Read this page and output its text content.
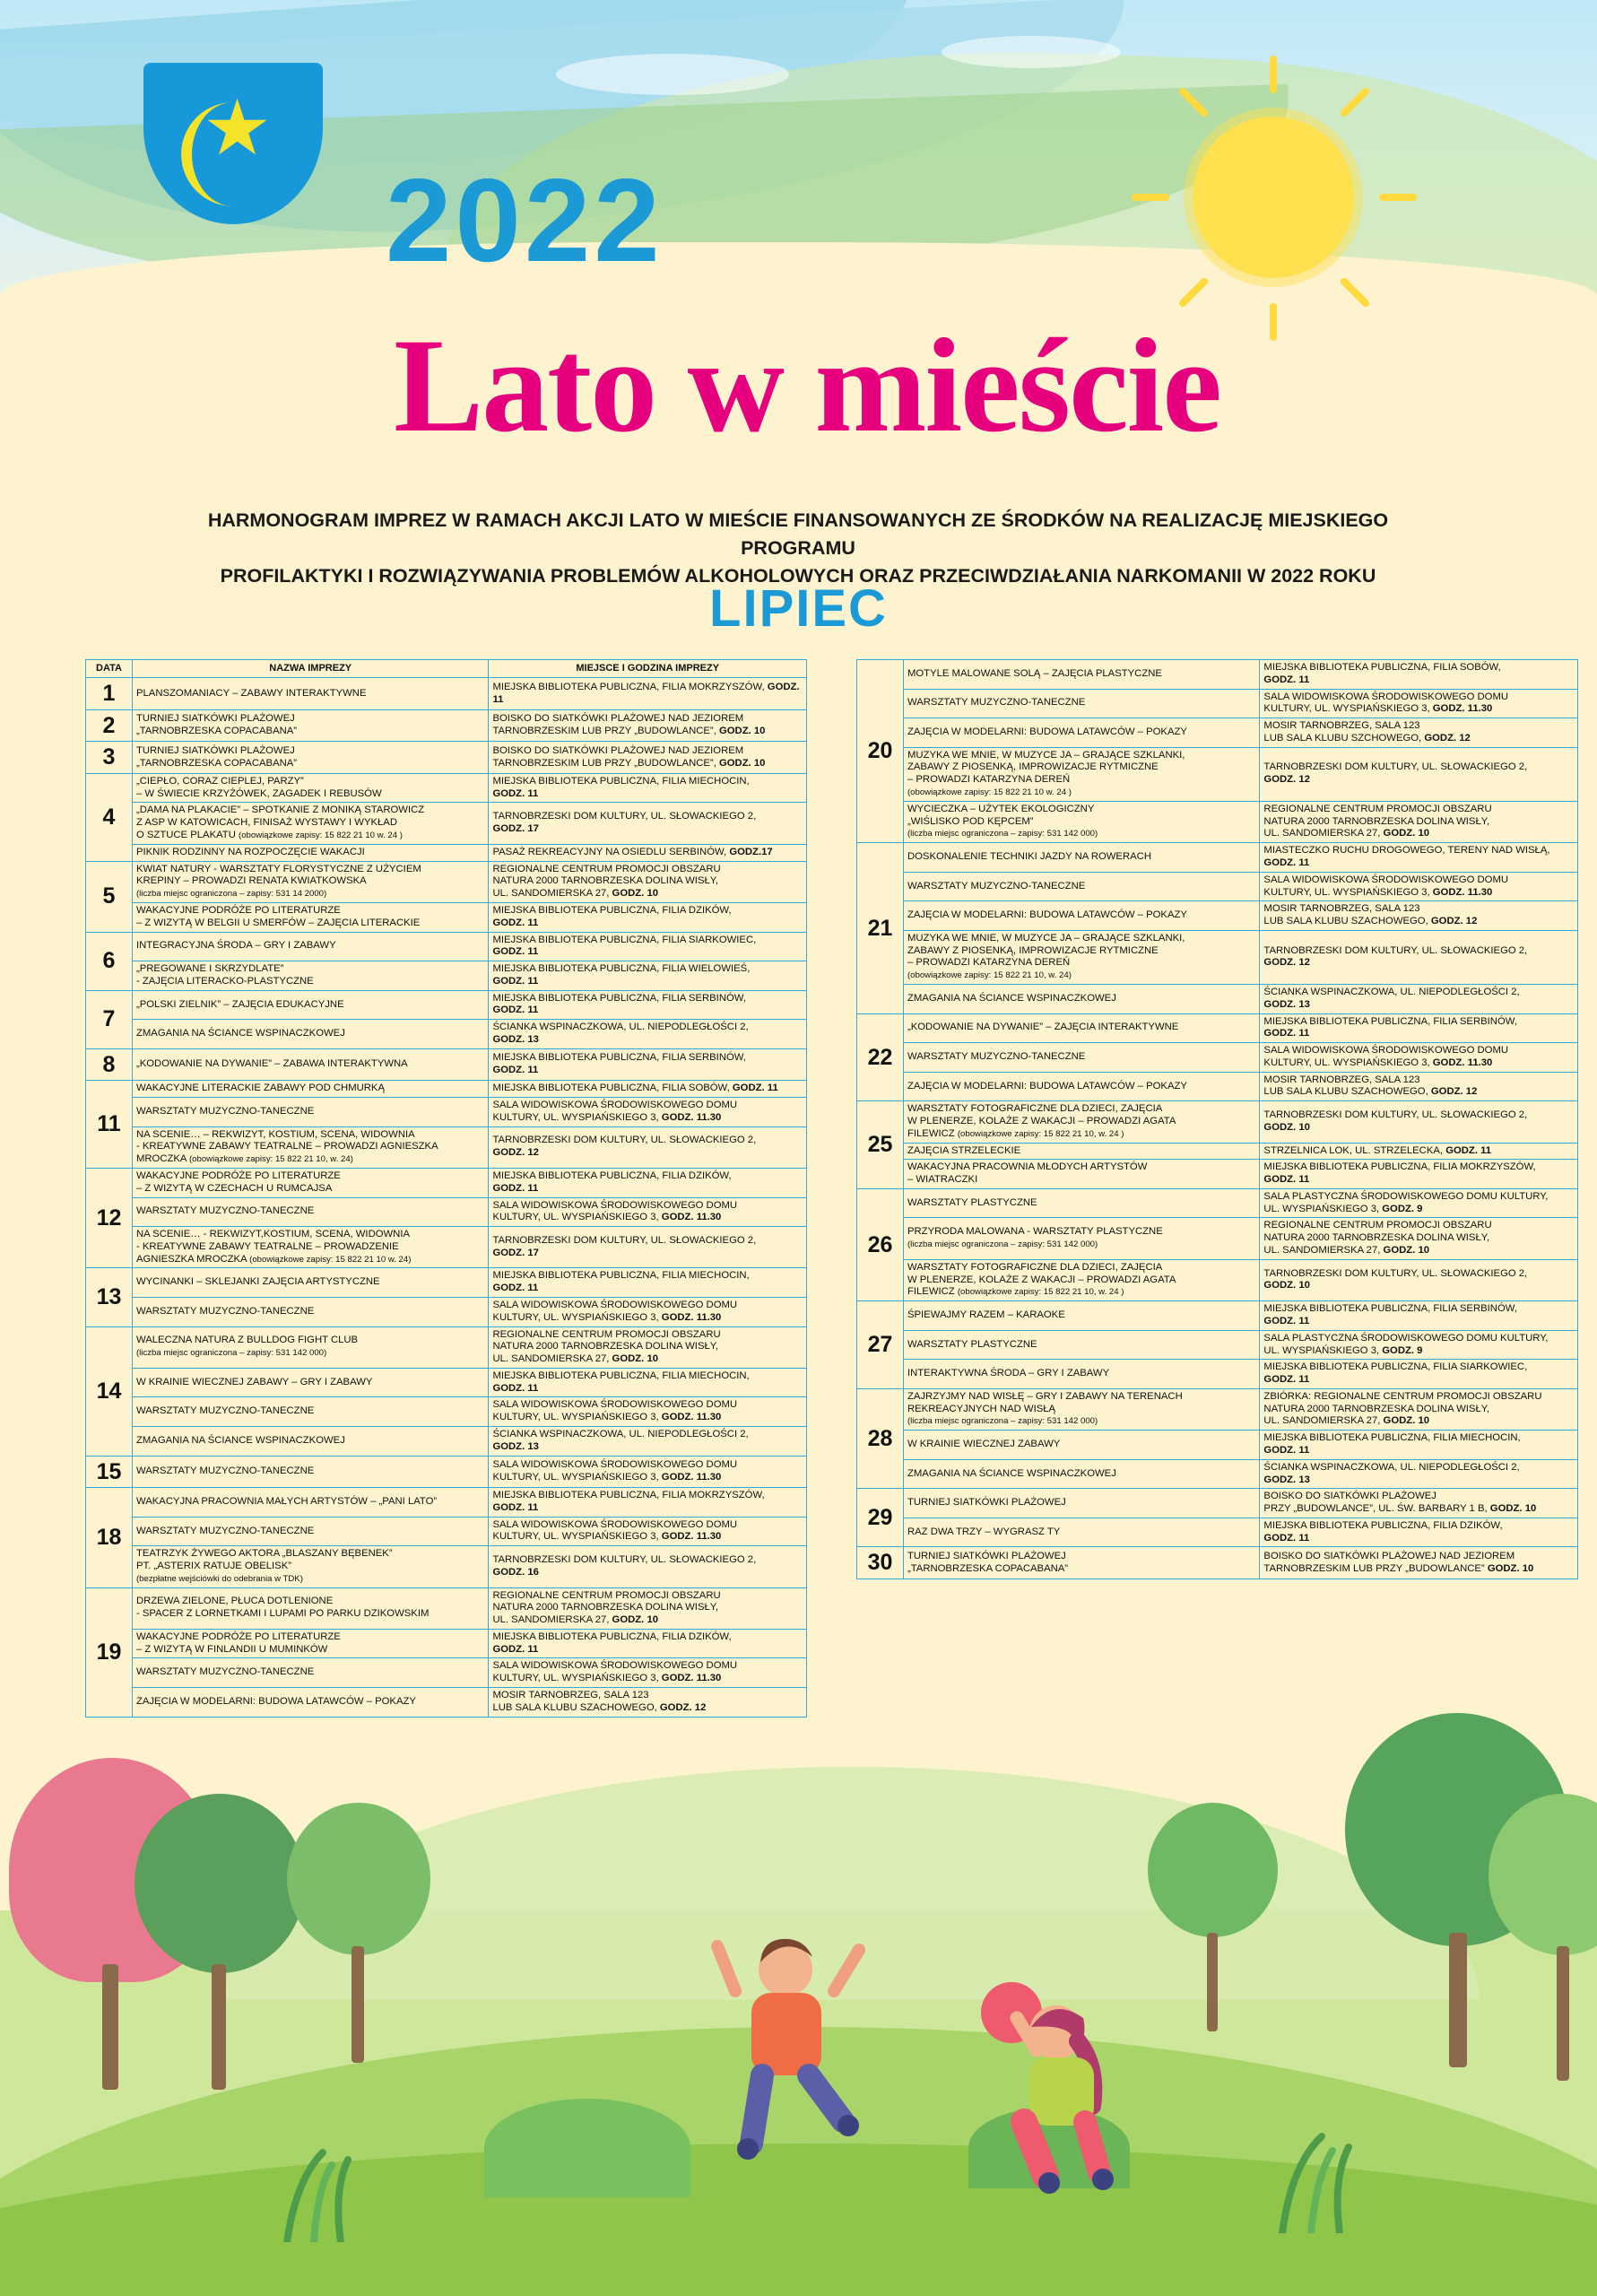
★
2022
Lato w mieście
HARMONOGRAM IMPREZ W RAMACH AKCJI LATO W MIEŚCIE FINANSOWANYCH ZE ŚRODKÓW NA REALIZACJĘ MIEJSKIEGO PROGRAMU
PROFILAKTYKI I ROZWIĄZYWANIA PROBLEMÓW ALKOHOLOWYCH ORAZ PRZECIWDZIAŁANIA NARKOMANII W 2022 ROKU
LIPIEC
DATA	NAZWA IMPREZY	MIEJSCE I GODZINA IMPREZY
1	PLANSZOMANIACY – ZABAWY INTERAKTYWNE	MIEJSKA BIBLIOTEKA PUBLICZNA, FILIA MOKRZYSZÓW, GODZ. 11
2	TURNIEJ SIATKÓWKI PLAŻOWEJ
„TARNOBRZESKA COPACABANA”	BOISKO DO SIATKÓWKI PLAŻOWEJ NAD JEZIOREM
TARNOBRZESKIM LUB PRZY „BUDOWLANCE”, GODZ. 10
3	TURNIEJ SIATKÓWKI PLAŻOWEJ
„TARNOBRZESKA COPACABANA”	BOISKO DO SIATKÓWKI PLAŻOWEJ NAD JEZIOREM
TARNOBRZESKIM LUB PRZY „BUDOWLANCE”, GODZ. 10
4	„CIEPŁO, CORAZ CIEPLEJ, PARZY”
– W ŚWIECIE KRZYŻÓWEK, ZAGADEK I REBUSÓW	MIEJSKA BIBLIOTEKA PUBLICZNA, FILIA MIECHOCIN,
GODZ. 11
	„DAMA NA PLAKACIE” – SPOTKANIE Z MONIKĄ STAROWICZ
Z ASP W KATOWICACH, FINISAŻ WYSTAWY I WYKŁAD
O SZTUCE PLAKATU (obowiązkowe zapisy: 15 822 21 10 w. 24 )	TARNOBRZESKI DOM KULTURY, UL. SŁOWACKIEGO 2,
GODZ. 17
	PIKNIK RODZINNY NA ROZPOCZĘCIE WAKACJI	PASAŻ REKREACYJNY NA OSIEDLU SERBINÓW, GODZ.17
5	KWIAT NATURY - WARSZTATY FLORYSTYCZNE Z UŻYCIEM
KREPINY – PROWADZI RENATA KWIATKOWSKA
(liczba miejsc ograniczona – zapisy: 531 14 2000)	REGIONALNE CENTRUM PROMOCJI OBSZARU
NATURA 2000 TARNOBRZESKA DOLINA WISŁY,
UL. SANDOMIERSKA 27, GODZ. 10
	WAKACYJNE PODRÓŻE PO LITERATURZE
– Z WIZYTĄ W BELGII U SMERFÓW – ZAJĘCIA LITERACKIE	MIEJSKA BIBLIOTEKA PUBLICZNA, FILIA DZIKÓW,
GODZ. 11
6	INTEGRACYJNA ŚRODA – GRY I ZABAWY	MIEJSKA BIBLIOTEKA PUBLICZNA, FILIA SIARKOWIEC,
GODZ. 11
	„PREGOWANE I SKRZYDLATE”
- ZAJĘCIA LITERACKO-PLASTYCZNE	MIEJSKA BIBLIOTEKA PUBLICZNA, FILIA WIELOWIEŚ,
GODZ. 11
7	„POLSKI ZIELNIK” – ZAJĘCIA EDUKACYJNE	MIEJSKA BIBLIOTEKA PUBLICZNA, FILIA SERBINÓW,
GODZ. 11
	ZMAGANIA NA ŚCIANCE WSPINACZKOWEJ	ŚCIANKA WSPINACZKOWA, UL. NIEPODLEGŁOŚCI 2,
GODZ. 13
8	„KODOWANIE NA DYWANIE” – ZABAWA INTERAKTYWNA	MIEJSKA BIBLIOTEKA PUBLICZNA, FILIA SERBINÓW,
GODZ. 11
11	WAKACYJNE LITERACKIE ZABAWY POD CHMURKĄ	MIEJSKA BIBLIOTEKA PUBLICZNA, FILIA SOBÓW, GODZ. 11
	WARSZTATY MUZYCZNO-TANECZNE	SALA WIDOWISKOWA ŚRODOWISKOWEGO DOMU
KULTURY, UL. WYSPIAŃSKIEGO 3, GODZ. 11.30
	NA SCENIE… – REKWIZYT, KOSTIUM, SCENA, WIDOWNIA
- KREATYWNE ZABAWY TEATRALNE – PROWADZI AGNIESZKA
MROCZKA (obowiązkowe zapisy: 15 822 21 10, w. 24)	TARNOBRZESKI DOM KULTURY, UL. SŁOWACKIEGO 2,
GODZ. 12
12	WAKACYJNE PODRÓŻE PO LITERATURZE
– Z WIZYTĄ W CZECHACH U RUMCAJSA	MIEJSKA BIBLIOTEKA PUBLICZNA, FILIA DZIKÓW,
GODZ. 11
	WARSZTATY MUZYCZNO-TANECZNE	SALA WIDOWISKOWA ŚRODOWISKOWEGO DOMU
KULTURY, UL. WYSPIAŃSKIEGO 3, GODZ. 11.30
	NA SCENIE… - REKWIZYT,KOSTIUM, SCENA, WIDOWNIA
- KREATYWNE ZABAWY TEATRALNE – PROWADZENIE
AGNIESZKA MROCZKA (obowiązkowe zapisy: 15 822 21 10 w. 24)	TARNOBRZESKI DOM KULTURY, UL. SŁOWACKIEGO 2,
GODZ. 17
13	WYCINANKI – SKLEJANKI ZAJĘCIA ARTYSTYCZNE	MIEJSKA BIBLIOTEKA PUBLICZNA, FILIA MIECHOCIN,
GODZ. 11
	WARSZTATY MUZYCZNO-TANECZNE	SALA WIDOWISKOWA ŚRODOWISKOWEGO DOMU
KULTURY, UL. WYSPIAŃSKIEGO 3, GODZ. 11.30
14	WALECZNA NATURA Z BULLDOG FIGHT CLUB
(liczba miejsc ograniczona – zapisy: 531 142 000)	REGIONALNE CENTRUM PROMOCJI OBSZARU
NATURA 2000 TARNOBRZESKA DOLINA WISŁY,
UL. SANDOMIERSKA 27, GODZ. 10
	W KRAINIE WIECZNEJ ZABAWY – GRY I ZABAWY	MIEJSKA BIBLIOTEKA PUBLICZNA, FILIA MIECHOCIN,
GODZ. 11
	WARSZTATY MUZYCZNO-TANECZNE	SALA WIDOWISKOWA ŚRODOWISKOWEGO DOMU
KULTURY, UL. WYSPIAŃSKIEGO 3, GODZ. 11.30
	ZMAGANIA NA ŚCIANCE WSPINACZKOWEJ	ŚCIANKA WSPINACZKOWA, UL. NIEPODLEGŁOŚCI 2,
GODZ. 13
15	WARSZTATY MUZYCZNO-TANECZNE	SALA WIDOWISKOWA ŚRODOWISKOWEGO DOMU
KULTURY, UL. WYSPIAŃSKIEGO 3, GODZ. 11.30
18	WAKACYJNA PRACOWNIA MAŁYCH ARTYSTÓW – „PANI LATO”	MIEJSKA BIBLIOTEKA PUBLICZNA, FILIA MOKRZYSZÓW,
GODZ. 11
	WARSZTATY MUZYCZNO-TANECZNE	SALA WIDOWISKOWA ŚRODOWISKOWEGO DOMU
KULTURY, UL. WYSPIAŃSKIEGO 3, GODZ. 11.30
	TEATRZYK ŻYWEGO AKTORA „BLASZANY BĘBENEK”
PT. „ASTERIX RATUJE OBELISK”
(bezpłatne wejściówki do odebrania w TDK)	TARNOBRZESKI DOM KULTURY, UL. SŁOWACKIEGO 2,
GODZ. 16
19	DRZEWA ZIELONE, PŁUCA DOTLENIONE
- SPACER Z LORNETKAMI I LUPAMI PO PARKU DZIKOWSKIM	REGIONALNE CENTRUM PROMOCJI OBSZARU
NATURA 2000 TARNOBRZESKA DOLINA WISŁY,
UL. SANDOMIERSKA 27, GODZ. 10
	WAKACYJNE PODRÓŻE PO LITERATURZE
– Z WIZYTĄ W FINLANDII U MUMINKÓW	MIEJSKA BIBLIOTEKA PUBLICZNA, FILIA DZIKÓW,
GODZ. 11
	WARSZTATY MUZYCZNO-TANECZNE	SALA WIDOWISKOWA ŚRODOWISKOWEGO DOMU
KULTURY, UL. WYSPIAŃSKIEGO 3, GODZ. 11.30
	ZAJĘCIA W MODELARNI: BUDOWA LATAWCÓW – POKAZY	MOSIR TARNOBRZEG, SALA 123
LUB SALA KLUBU SZACHOWEGO, GODZ. 12
20	MOTYLE MALOWANE SOLĄ – ZAJĘCIA PLASTYCZNE	MIEJSKA BIBLIOTEKA PUBLICZNA, FILIA SOBÓW,
GODZ. 11
	WARSZTATY MUZYCZNO-TANECZNE	SALA WIDOWISKOWA ŚRODOWISKOWEGO DOMU
KULTURY, UL. WYSPIAŃSKIEGO 3, GODZ. 11.30
	ZAJĘCIA W MODELARNI: BUDOWA LATAWCÓW – POKAZY	MOSIR TARNOBRZEG, SALA 123
LUB SALA KLUBU SZCHOWEGO, GODZ. 12
	MUZYKA WE MNIE, W MUZYCE JA – GRAJĄCE SZKLANKI,
ZABAWY Z PIOSENKĄ, IMPROWIZACJE RYTMICZNE
– PROWADZI KATARZYNA DEREŃ
(obowiązkowe zapisy: 15 822 21 10 w. 24 )	TARNOBRZESKI DOM KULTURY, UL. SŁOWACKIEGO 2,
GODZ. 12
	WYCIECZKA – UŻYTEK EKOLOGICZNY
„WIŚLISKO POD KĘPCEM”
(liczba miejsc ograniczona – zapisy: 531 142 000)	REGIONALNE CENTRUM PROMOCJI OBSZARU
NATURA 2000 TARNOBRZESKA DOLINA WISŁY,
UL. SANDOMIERSKA 27, GODZ. 10
21	DOSKONALENIE TECHNIKI JAZDY NA ROWERACH	MIASTECZKO RUCHU DROGOWEGO, TERENY NAD WISŁĄ,
GODZ. 11
	WARSZTATY MUZYCZNO-TANECZNE	SALA WIDOWISKOWA ŚRODOWISKOWEGO DOMU
KULTURY, UL. WYSPIAŃSKIEGO 3, GODZ. 11.30
	ZAJĘCIA W MODELARNI: BUDOWA LATAWCÓW – POKAZY	MOSIR TARNOBRZEG, SALA 123
LUB SALA KLUBU SZACHOWEGO, GODZ. 12
	MUZYKA WE MNIE, W MUZYCE JA – GRAJĄCE SZKLANKI,
ZABAWY Z PIOSENKĄ, IMPROWIZACJE RYTMICZNE
– PROWADZI KATARZYNA DEREŃ
(obowiązkowe zapisy: 15 822 21 10, w. 24)	TARNOBRZESKI DOM KULTURY, UL. SŁOWACKIEGO 2,
GODZ. 12
	ZMAGANIA NA ŚCIANCE WSPINACZKOWEJ	ŚCIANKA WSPINACZKOWA, UL. NIEPODLEGŁOŚCI 2,
GODZ. 13
22	„KODOWANIE NA DYWANIE” – ZAJĘCIA INTERAKTYWNE	MIEJSKA BIBLIOTEKA PUBLICZNA, FILIA SERBINÓW,
GODZ. 11
	WARSZTATY MUZYCZNO-TANECZNE	SALA WIDOWISKOWA ŚRODOWISKOWEGO DOMU
KULTURY, UL. WYSPIAŃSKIEGO 3, GODZ. 11.30
	ZAJĘCIA W MODELARNI: BUDOWA LATAWCÓW – POKAZY	MOSIR TARNOBRZEG, SALA 123
LUB SALA KLUBU SZACHOWEGO, GODZ. 12
25	WARSZTATY FOTOGRAFICZNE DLA DZIECI, ZAJĘCIA
W PLENERZE, KOLAŻE Z WAKACJI – PROWADZI AGATA
FILEWICZ (obowiązkowe zapisy: 15 822 21 10, w. 24 )	TARNOBRZESKI DOM KULTURY, UL. SŁOWACKIEGO 2,
GODZ. 10
	ZAJĘCIA STRZELECKIE	STRZELNICA LOK, UL. STRZELECKA, GODZ. 11
	WAKACYJNA PRACOWNIA MŁODYCH ARTYSTÓW
– WIATRACZKI	MIEJSKA BIBLIOTEKA PUBLICZNA, FILIA MOKRZYSZÓW,
GODZ. 11
26	WARSZTATY PLASTYCZNE	SALA PLASTYCZNA ŚRODOWISKOWEGO DOMU KULTURY,
UL. WYSPIAŃSKIEGO 3, GODZ. 9
	PRZYRODA MALOWANA - WARSZTATY PLASTYCZNE
(liczba miejsc ograniczona – zapisy: 531 142 000)	REGIONALNE CENTRUM PROMOCJI OBSZARU
NATURA 2000 TARNOBRZESKA DOLINA WISŁY,
UL. SANDOMIERSKA 27, GODZ. 10
	WARSZTATY FOTOGRAFICZNE DLA DZIECI, ZAJĘCIA
W PLENERZE, KOLAŻE Z WAKACJI – PROWADZI AGATA
FILEWICZ (obowiązkowe zapisy: 15 822 21 10, w. 24 )	TARNOBRZESKI DOM KULTURY, UL. SŁOWACKIEGO 2,
GODZ. 10
27	ŚPIEWAJMY RAZEM – KARAOKE	MIEJSKA BIBLIOTEKA PUBLICZNA, FILIA SERBINÓW,
GODZ. 11
	WARSZTATY PLASTYCZNE	SALA PLASTYCZNA ŚRODOWISKOWEGO DOMU KULTURY,
UL. WYSPIAŃSKIEGO 3, GODZ. 9
	INTERAKTYWNA ŚRODA – GRY I ZABAWY	MIEJSKA BIBLIOTEKA PUBLICZNA, FILIA SIARKOWIEC,
GODZ. 11
28	ZAJRZYJMY NAD WISŁĘ – GRY I ZABAWY NA TERENACH
REKREACYJNYCH NAD WISŁĄ
(liczba miejsc ograniczona – zapisy: 531 142 000)	ZBIÓRKA: REGIONALNE CENTRUM PROMOCJI OBSZARU
NATURA 2000 TARNOBRZESKA DOLINA WISŁY,
UL. SANDOMIERSKA 27, GODZ. 10
	W KRAINIE WIECZNEJ ZABAWY	MIEJSKA BIBLIOTEKA PUBLICZNA, FILIA MIECHOCIN,
GODZ. 11
	ZMAGANIA NA ŚCIANCE WSPINACZKOWEJ	ŚCIANKA WSPINACZKOWA, UL. NIEPODLEGŁOŚCI 2,
GODZ. 13
29	TURNIEJ SIATKÓWKI PLAŻOWEJ	BOISKO DO SIATKÓWKI PLAŻOWEJ
PRZY „BUDOWLANCE”, UL. ŚW. BARBARY 1 B, GODZ. 10
	RAZ DWA TRZY – WYGRASZ TY	MIEJSKA BIBLIOTEKA PUBLICZNA, FILIA DZIKÓW,
GODZ. 11
30	TURNIEJ SIATKÓWKI PLAŻOWEJ
„TARNOBRZESKA COPACABANA”	BOISKO DO SIATKÓWKI PLAŻOWEJ NAD JEZIOREM
TARNOBRZESKIM LUB PRZY „BUDOWLANCE” GODZ. 10
